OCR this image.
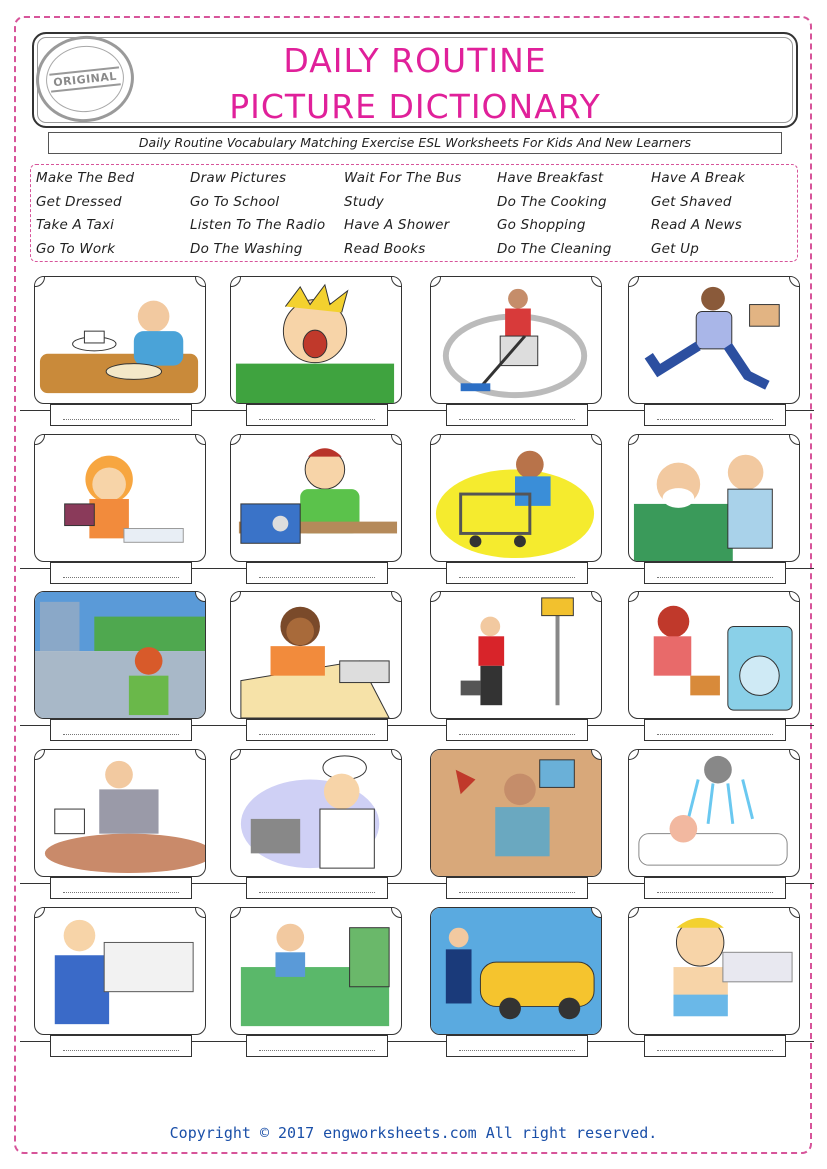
DAILY ROUTINE
PICTURE DICTIONARY
ORIGINAL
Daily Routine Vocabulary Matching Exercise ESL Worksheets For Kids And New Learners
Make The Bed	Draw Pictures	Wait For The Bus	Have Breakfast	Have A Break
Get Dressed	Go To School	Study	Do The Cooking	Get Shaved
Take A Taxi	Listen To The Radio	Have A Shower	Go Shopping	Read A News
Go To Work	Do The Washing	Read Books	Do The Cleaning	Get Up
Copyright © 2017 engworksheets.com All right reserved.
